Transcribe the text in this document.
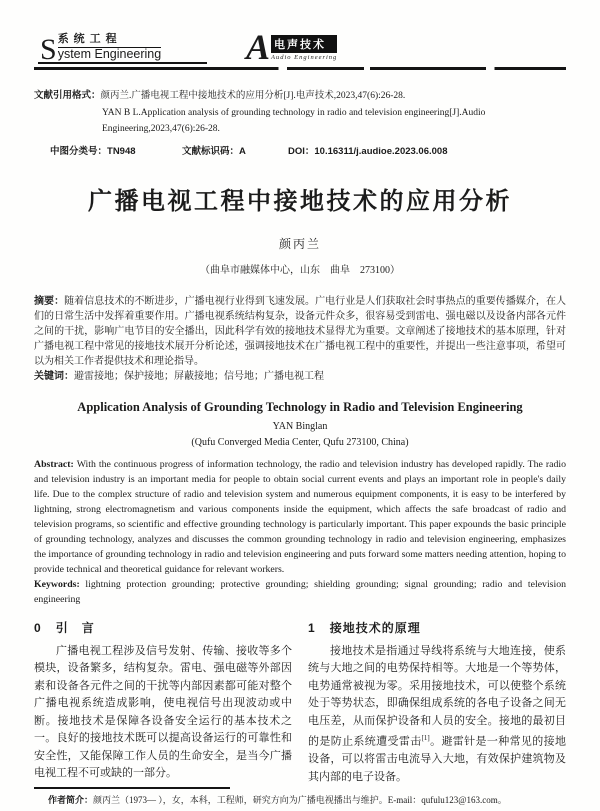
S 系统工程
ystem Engineering A 电声技术
Audio Engineering

文献引用格式：颜丙兰.广播电视工程中接地技术的应用分析[J].电声技术,2023,47(6):26-28.

YAN B L.Application analysis of grounding technology in radio and television engineering[J].Audio Engineering,2023,47(6):26-28.

中图分类号：TN948	文献标识码：A	DOI：10.16311/j.audioe.2023.06.008
广播电视工程中接地技术的应用分析
颜丙兰
（曲阜市融媒体中心，山东　曲阜　273100）

摘要：随着信息技术的不断进步，广播电视行业得到飞速发展。广电行业是人们获取社会时事热点的重要传播媒介，在人们的日常生活中发挥着重要作用。广播电视系统结构复杂，设备元件众多，很容易受到雷电、强电磁以及设备内部各元件之间的干扰，影响广电节目的安全播出，因此科学有效的接地技术显得尤为重要。文章阐述了接地技术的基本原理，针对广播电视工程中常见的接地技术展开分析论述，强调接地技术在广播电视工程中的重要性，并提出一些注意事项，希望可以为相关工作者提供技术和理论指导。

关键词：避雷接地；保护接地；屏蔽接地；信号地；广播电视工程

Application Analysis of Grounding Technology in Radio and Television Engineering
YAN Binglan
(Qufu Converged Media Center, Qufu 273100, China)

Abstract: With the continuous progress of information technology, the radio and television industry has developed rapidly. The radio and television industry is an important media for people to obtain social current events and plays an important role in people's daily life. Due to the complex structure of radio and television system and numerous equipment components, it is easy to be interfered by lightning, strong electromagnetism and various components inside the equipment, which affects the safe broadcast of radio and television programs, so scientific and effective grounding technology is particularly important. This paper expounds the basic principle of grounding technology, analyzes and discusses the common grounding technology in radio and television engineering, emphasizes the importance of grounding technology in radio and television engineering and puts forward some matters needing attention, hoping to provide technical and theoretical guidance for relevant workers.

Keywords: lightning protection grounding; protective grounding; shielding grounding; signal grounding; radio and television engineering

0 引　言

广播电视工程涉及信号发射、传输、接收等多个模块，设备繁多，结构复杂。雷电、强电磁等外部因素和设备各元件之间的干扰等内部因素都可能对整个广播电视系统造成影响，使电视信号出现波动或中断。接地技术是保障各设备安全运行的基本技术之一。良好的接地技术既可以提高设备运行的可靠性和安全性，又能保障工作人员的生命安全，是当今广播电视工程不可或缺的一部分。

1 接地技术的原理

接地技术是指通过导线将系统与大地连接，使系统与大地之间的电势保持相等。大地是一个等势体，电势通常被视为零。采用接地技术，可以使整个系统处于等势状态，即确保组成系统的各电子设备之间无电压差，从而保护设备和人员的安全。接地的最初目的是防止系统遭受雷击[1]。避雷针是一种常见的接地设备，可以将雷击电流导入大地，有效保护建筑物及其内部的电子设备。

作者简介：颜丙兰（1973— ），女，本科，工程师，研究方向为广播电视播出与维护。E-mail：qufulu123@163.com。
